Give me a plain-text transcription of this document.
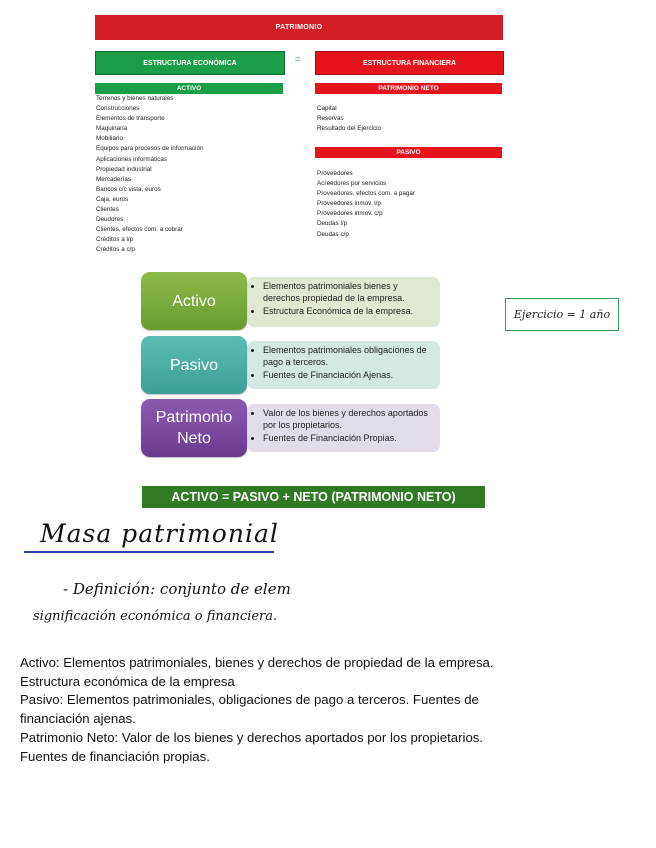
PATRIMONIO
ESTRUCTURA ECONÓMICA	=	ESTRUCTURA FINANCIERA
ACTIVO
Terrenos y bienes naturales
Construcciones
Elementos de transporte
Maquinaria
Mobiliario
Equipos para procesos de información
Aplicaciones informáticas
Propiedad industrial
Mercaderías
Bancos c/c vista, euros
Caja, euros
Clientes
Deudores
Clientes, efectos com. a cobrar
Créditos a l/p
Créditos a c/p
PATRIMONIO NETO
Capital
Reservas
Resultado del Ejercicio
PASIVO
Proveedores
Acreedores por servicios
Proveedores, efectos com. a pagar
Proveedores inmov. l/p
Proveedores inmov. c/p
Deudas l/p
Deudas c/p
• Elementos patrimoniales bienes y derechos propiedad de la empresa.
• Estructura Económica de la empresa.
Activo
• Elementos patrimoniales obligaciones de pago a terceros.
• Fuentes de Financiación Ajenas.
Pasivo
• Valor de los bienes y derechos aportados por los propietarios.
• Fuentes de Financiación Propias.
Patrimonio Neto
Ejercicio = 1 año
ACTIVO = PASIVO + NETO (PATRIMONIO NETO)
Masa patrimonial
- Definición: conjunto de elem
significación económica o financiera.
Activo: Elementos patrimoniales, bienes y derechos de propiedad de la empresa.
Estructura económica de la empresa
Pasivo: Elementos patrimoniales, obligaciones de pago a terceros. Fuentes de
financiación ajenas.
Patrimonio Neto: Valor de los bienes y derechos aportados por los propietarios.
Fuentes de financiación propias.
